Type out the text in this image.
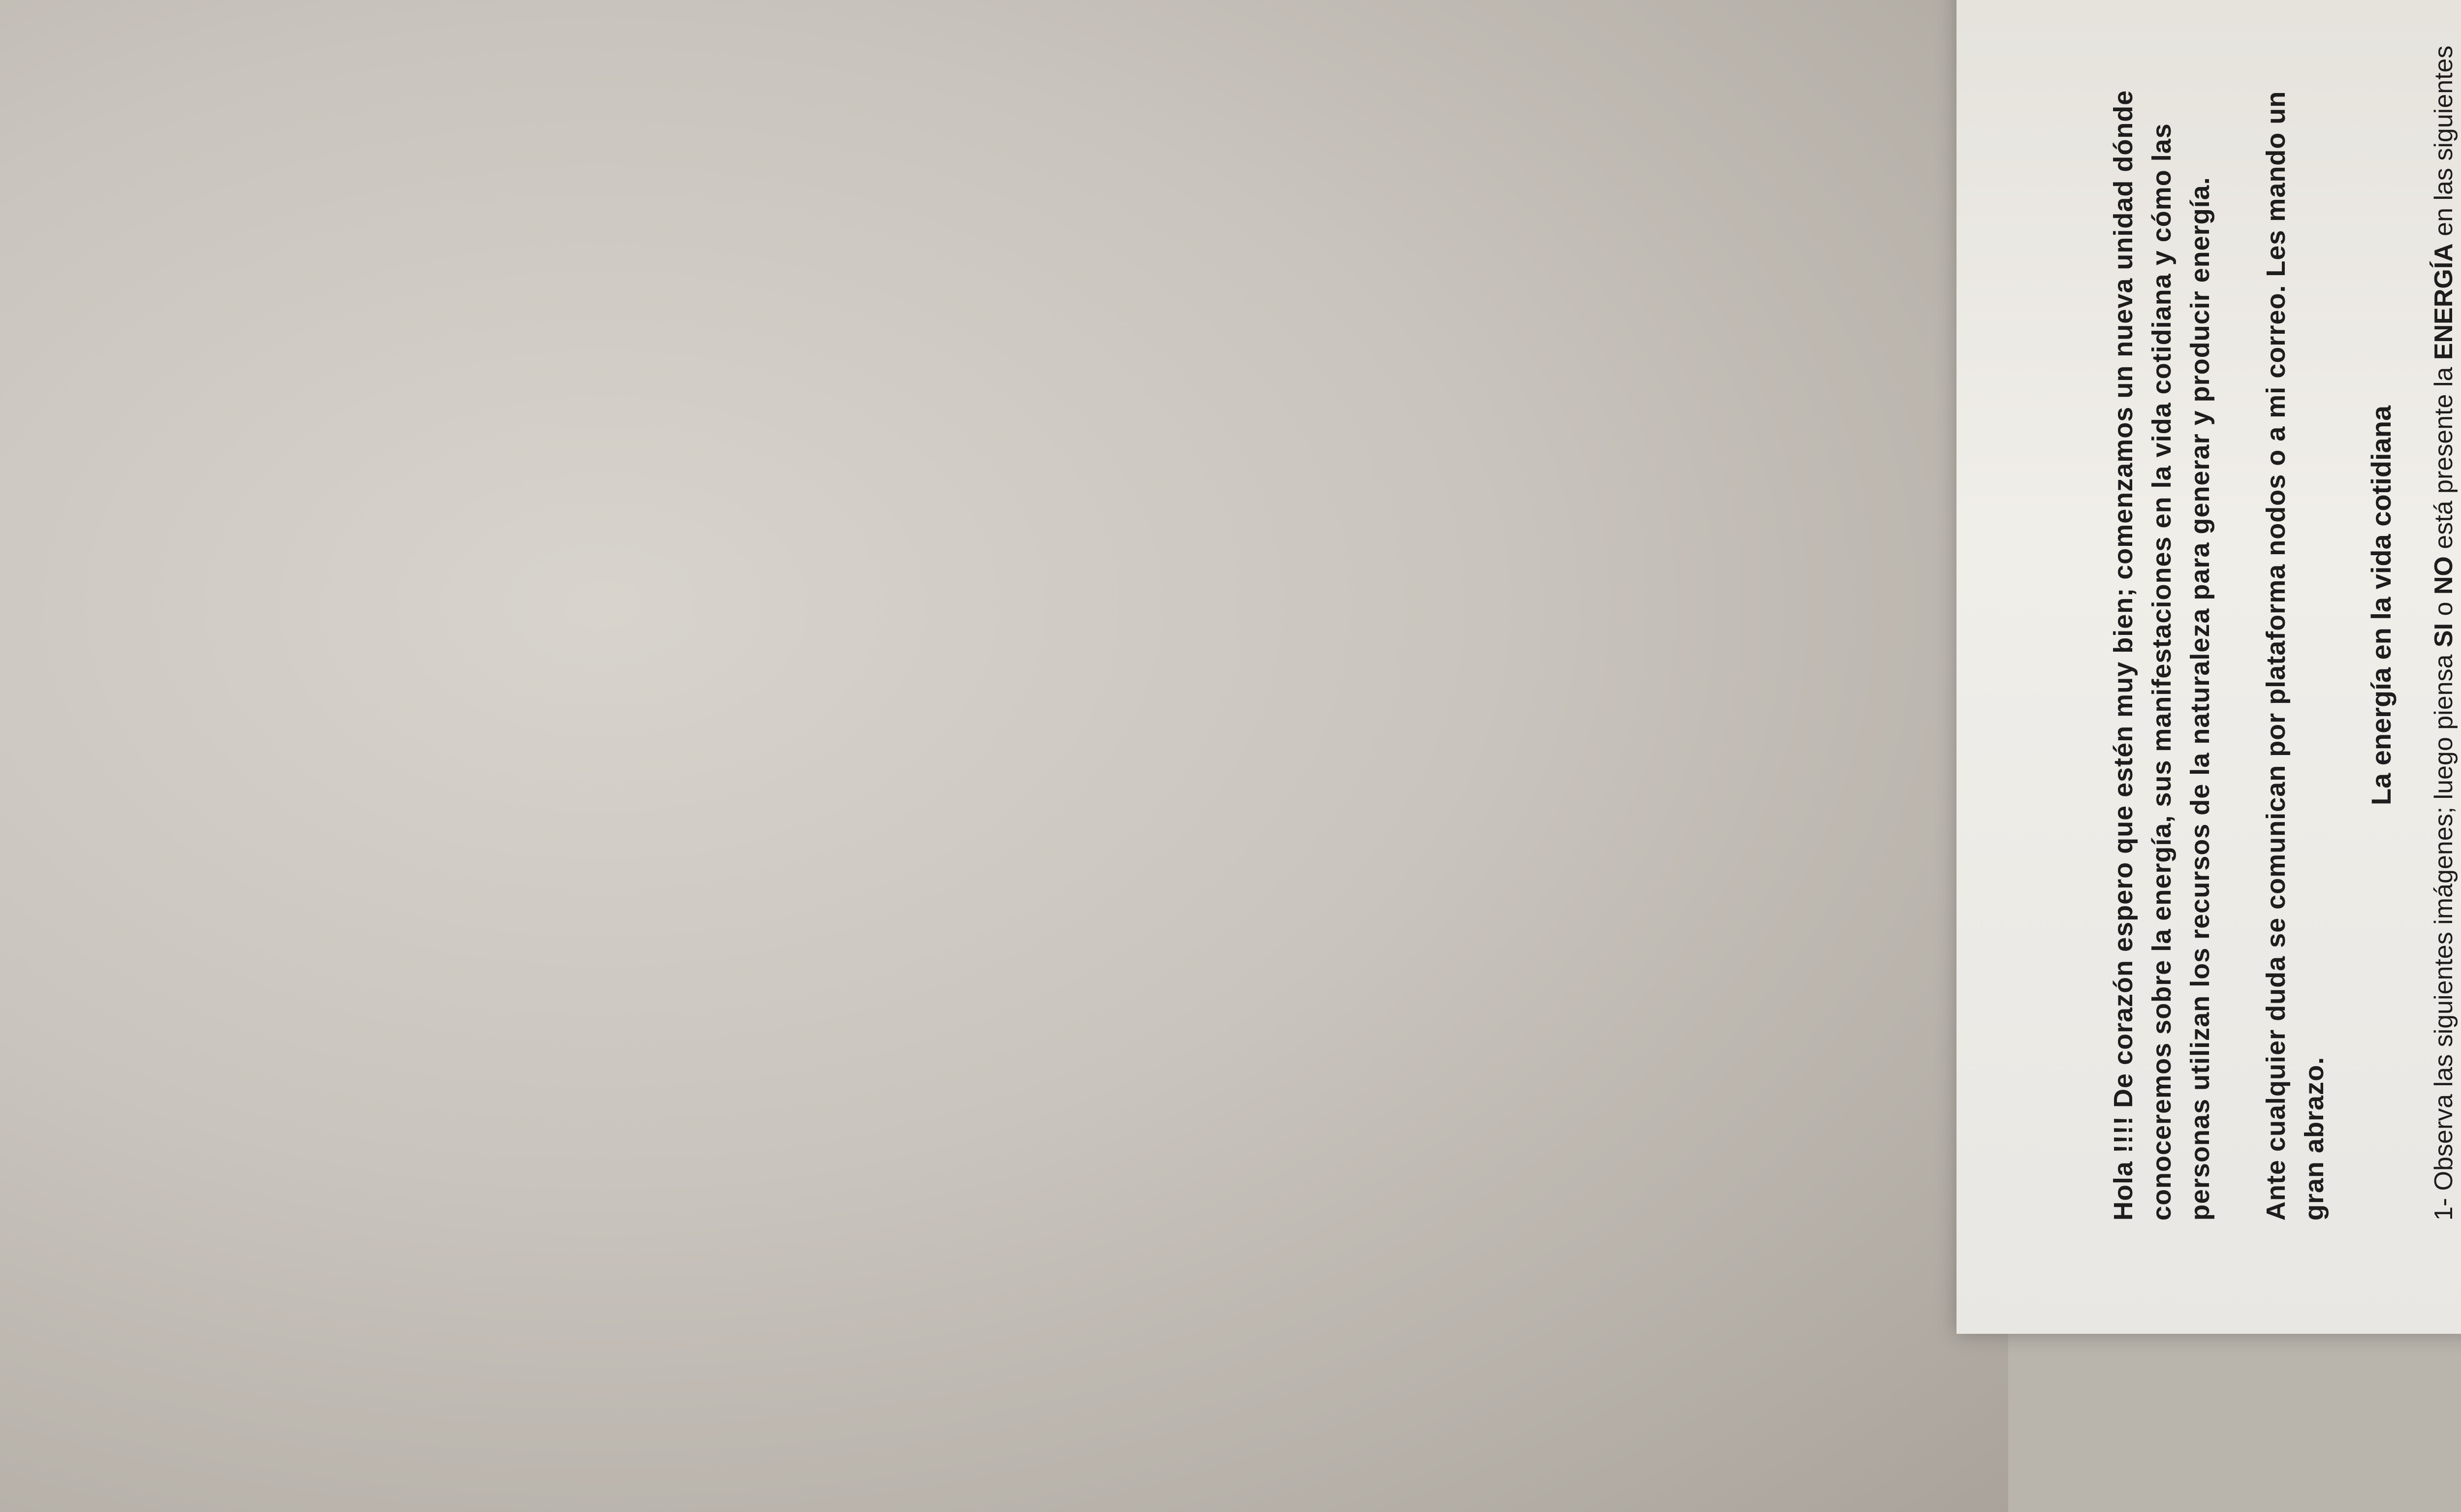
Hola !!!! De corazón espero que estén muy bien; comenzamos un nueva unidad dónde conoceremos sobre la energía, sus manifestaciones en la vida cotidiana y cómo las personas utilizan los recursos de la naturaleza para generar y producir energía. Ante cualquier duda se comunican por plataforma nodos o a mi correo. Les mando un gran abrazo.
La energía en la vida cotidiana
1- Observa las siguientes imágenes; luego piensa SI o NO está presente la ENERGÍA en las siguientes
